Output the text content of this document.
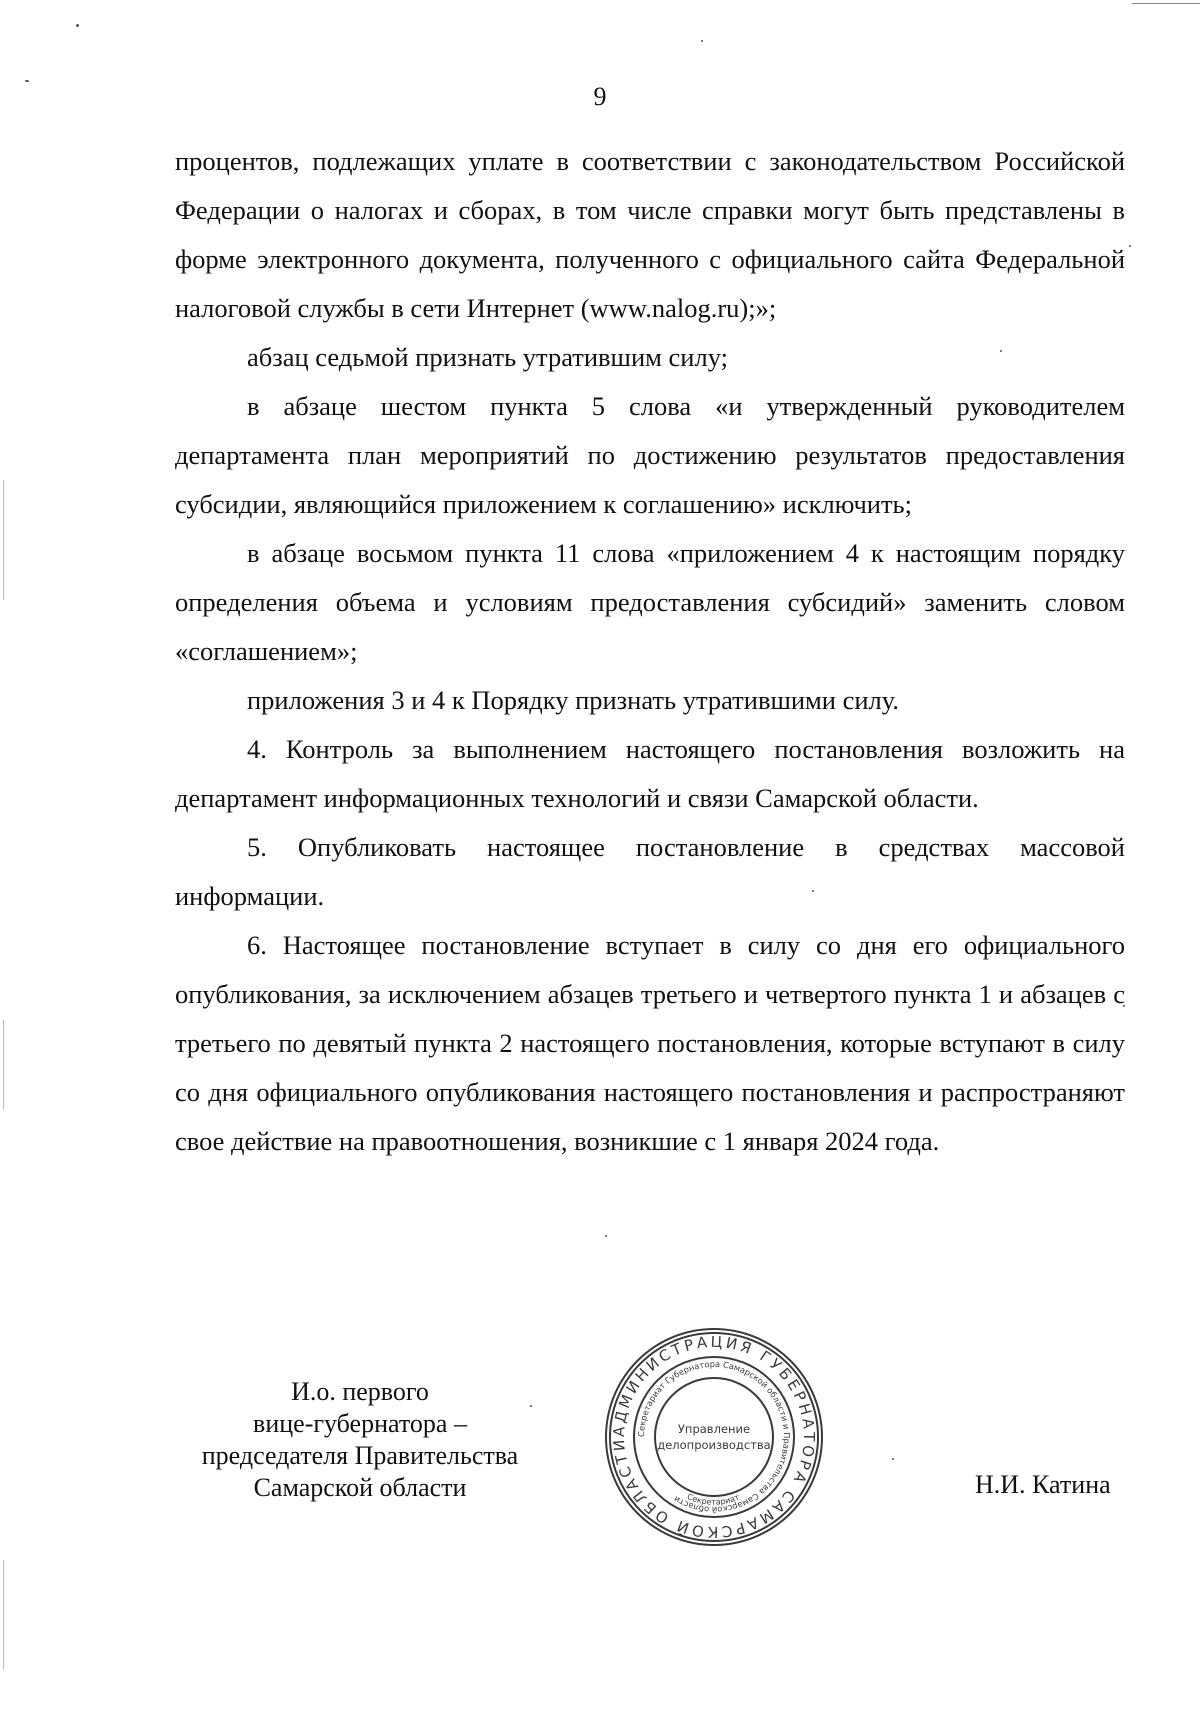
9

процентов, подлежащих уплате в соответствии с законодательством Российской Федерации о налогах и сборах, в том числе справки могут быть представлены в форме электронного документа, полученного с официального сайта Федеральной налоговой службы в сети Интернет (www.nalog.ru);»;

абзац седьмой признать утратившим силу;

в абзаце шестом пункта 5 слова «и утвержденный руководителем департамента план мероприятий по достижению результатов предоставления субсидии, являющийся приложением к соглашению» исключить;

в абзаце восьмом пункта 11 слова «приложением 4 к настоящим порядку определения объема и условиям предоставления субсидий» заменить словом «соглашением»;

приложения 3 и 4 к Порядку признать утратившими силу.

4. Контроль за выполнением настоящего постановления возложить на департамент информационных технологий и связи Самарской области.

5. Опубликовать настоящее постановление в средствах массовой информации.

6. Настоящее постановление вступает в силу со дня его официального опубликования, за исключением абзацев третьего и четвертого пункта 1 и абзацев с третьего по девятый пункта 2 настоящего постановления, которые вступают в силу со дня официального опубликования настоящего постановления и распространяют свое действие на правоотношения, возникшие с 1 января 2024 года.

И.о. первого
вице-губернатора –
председателя Правительства
Самарской области
АДМИНИСТРАЦИЯ ГУБЕРНАТОРА САМАРСКОЙ ОБЛАСТИ
Секретариат Губернатора Самарской области и Правительства Самарской области Секретариат
Управление
делопроизводства
Н.И. Катина
